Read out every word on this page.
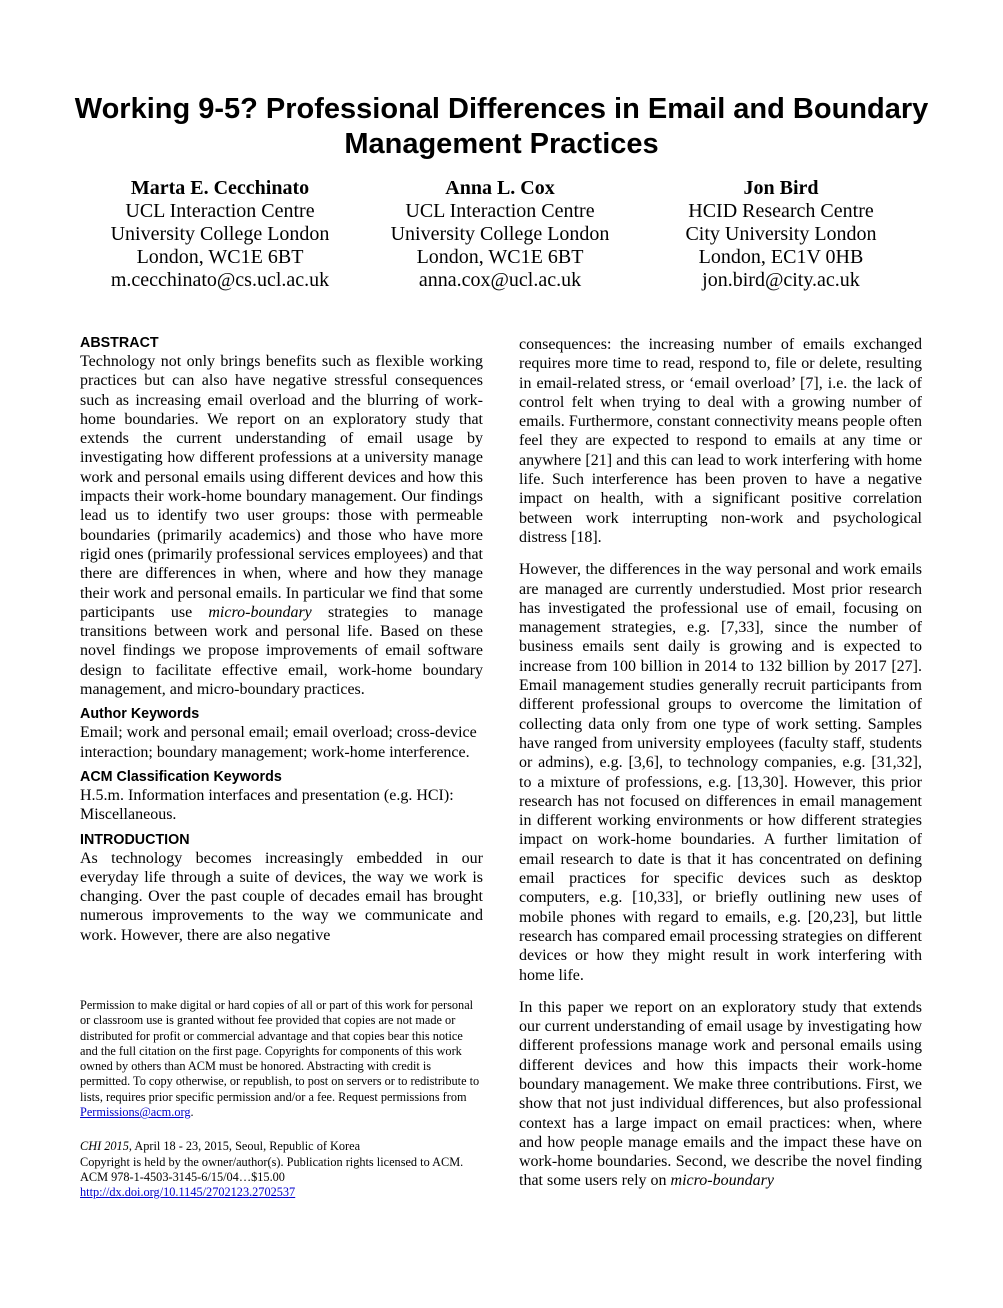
Working 9-5? Professional Differences in Email and Boundary Management Practices
Marta E. Cecchinato
UCL Interaction Centre
University College London
London, WC1E 6BT
m.cecchinato@cs.ucl.ac.uk
Anna L. Cox
UCL Interaction Centre
University College London
London, WC1E 6BT
anna.cox@ucl.ac.uk
Jon Bird
HCID Research Centre
City University London
London, EC1V 0HB
jon.bird@city.ac.uk
ABSTRACT

Technology not only brings benefits such as flexible working practices but can also have negative stressful consequences such as increasing email overload and the blurring of work-home boundaries. We report on an exploratory study that extends the current understanding of email usage by investigating how different professions at a university manage work and personal emails using different devices and how this impacts their work-home boundary management. Our findings lead us to identify two user groups: those with permeable boundaries (primarily academics) and those who have more rigid ones (primarily professional services employees) and that there are differences in when, where and how they manage their work and personal emails. In particular we find that some participants use micro-boundary strategies to manage transitions between work and personal life. Based on these novel findings we propose improvements of email software design to facilitate effective email, work-home boundary management, and micro-boundary practices.

Author Keywords

Email; work and personal email; email overload; cross-device interaction; boundary management; work-home interference.

ACM Classification Keywords

H.5.m. Information interfaces and presentation (e.g. HCI): Miscellaneous.

INTRODUCTION

As technology becomes increasingly embedded in our everyday life through a suite of devices, the way we work is changing. Over the past couple of decades email has brought numerous improvements to the way we communicate and work. However, there are also negative

Permission to make digital or hard copies of all or part of this work for personal or classroom use is granted without fee provided that copies are not made or distributed for profit or commercial advantage and that copies bear this notice and the full citation on the first page. Copyrights for components of this work owned by others than ACM must be honored. Abstracting with credit is permitted. To copy otherwise, or republish, to post on servers or to redistribute to lists, requires prior specific permission and/or a fee. Request permissions from Permissions@acm.org.

CHI 2015, April 18 - 23, 2015, Seoul, Republic of Korea

Copyright is held by the owner/author(s). Publication rights licensed to ACM. ACM 978-1-4503-3145-6/15/04…$15.00

http://dx.doi.org/10.1145/2702123.2702537

consequences: the increasing number of emails exchanged requires more time to read, respond to, file or delete, resulting in email-related stress, or ‘email overload’ [7], i.e. the lack of control felt when trying to deal with a growing number of emails. Furthermore, constant connectivity means people often feel they are expected to respond to emails at any time or anywhere [21] and this can lead to work interfering with home life. Such interference has been proven to have a negative impact on health, with a significant positive correlation between work interrupting non-work and psychological distress [18].

However, the differences in the way personal and work emails are managed are currently understudied. Most prior research has investigated the professional use of email, focusing on management strategies, e.g. [7,33], since the number of business emails sent daily is growing and is expected to increase from 100 billion in 2014 to 132 billion by 2017 [27]. Email management studies generally recruit participants from different professional groups to overcome the limitation of collecting data only from one type of work setting. Samples have ranged from university employees (faculty staff, students or admins), e.g. [3,6], to technology companies, e.g. [31,32], to a mixture of professions, e.g. [13,30]. However, this prior research has not focused on differences in email management in different working environments or how different strategies impact on work-home boundaries. A further limitation of email research to date is that it has concentrated on defining email practices for specific devices such as desktop computers, e.g. [10,33], or briefly outlining new uses of mobile phones with regard to emails, e.g. [20,23], but little research has compared email processing strategies on different devices or how they might result in work interfering with home life.

In this paper we report on an exploratory study that extends our current understanding of email usage by investigating how different professions manage work and personal emails using different devices and how this impacts their work-home boundary management. We make three contributions. First, we show that not just individual differences, but also professional context has a large impact on email practices: when, where and how people manage emails and the impact these have on work-home boundaries. Second, we describe the novel finding that some users rely on micro-boundary
